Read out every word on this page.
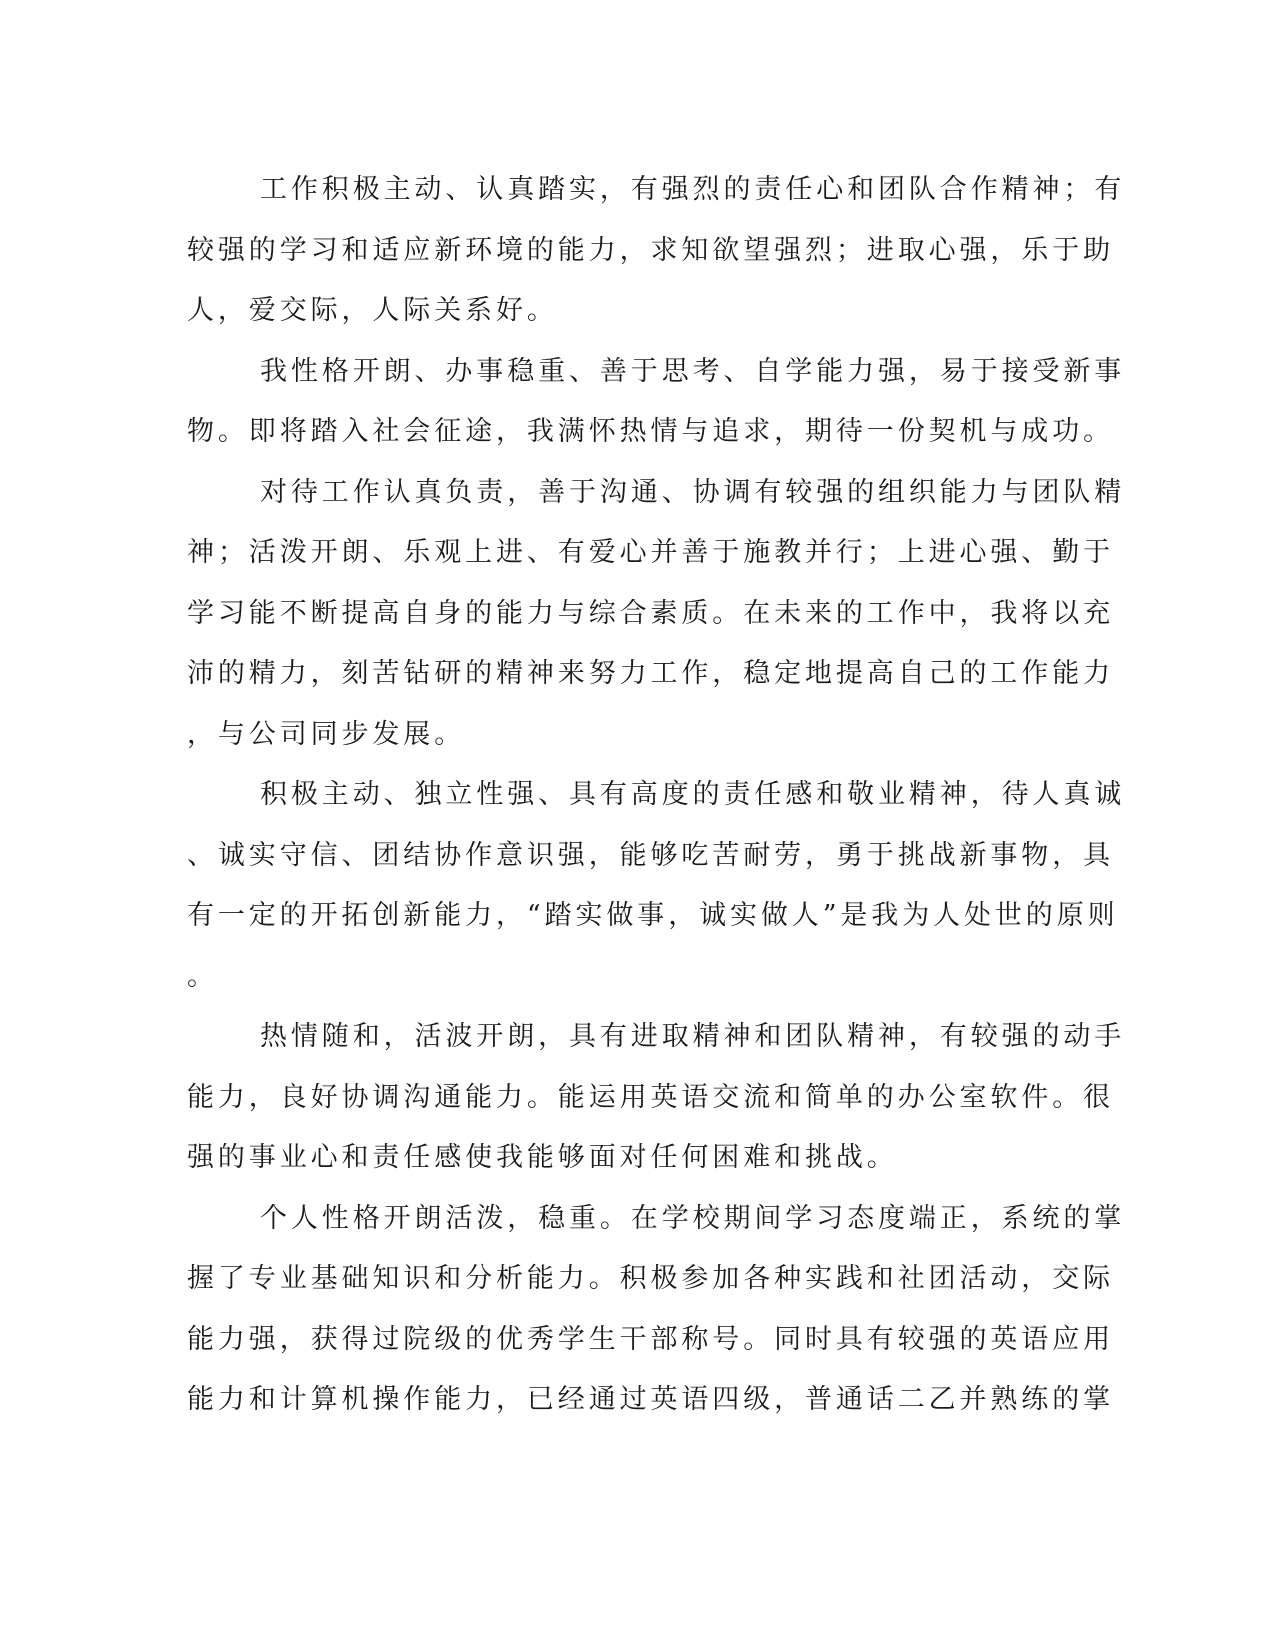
工作积极主动、认真踏实，有强烈的责任心和团队合作精神；有
较强的学习和适应新环境的能力，求知欲望强烈；进取心强，乐于助
人，爱交际，人际关系好。
我性格开朗、办事稳重、善于思考、自学能力强，易于接受新事
物。即将踏入社会征途，我满怀热情与追求，期待一份契机与成功。
对待工作认真负责，善于沟通、协调有较强的组织能力与团队精
神；活泼开朗、乐观上进、有爱心并善于施教并行；上进心强、勤于
学习能不断提高自身的能力与综合素质。在未来的工作中，我将以充
沛的精力，刻苦钻研的精神来努力工作，稳定地提高自己的工作能力
，与公司同步发展。
积极主动、独立性强、具有高度的责任感和敬业精神，待人真诚
、诚实守信、团结协作意识强，能够吃苦耐劳，勇于挑战新事物，具
有一定的开拓创新能力，“踏实做事，诚实做人”是我为人处世的原则
。
热情随和，活波开朗，具有进取精神和团队精神，有较强的动手
能力，良好协调沟通能力。能运用英语交流和简单的办公室软件。很
强的事业心和责任感使我能够面对任何困难和挑战。
个人性格开朗活泼，稳重。在学校期间学习态度端正，系统的掌
握了专业基础知识和分析能力。积极参加各种实践和社团活动，交际
能力强，获得过院级的优秀学生干部称号。同时具有较强的英语应用
能力和计算机操作能力，已经通过英语四级，普通话二乙并熟练的掌
